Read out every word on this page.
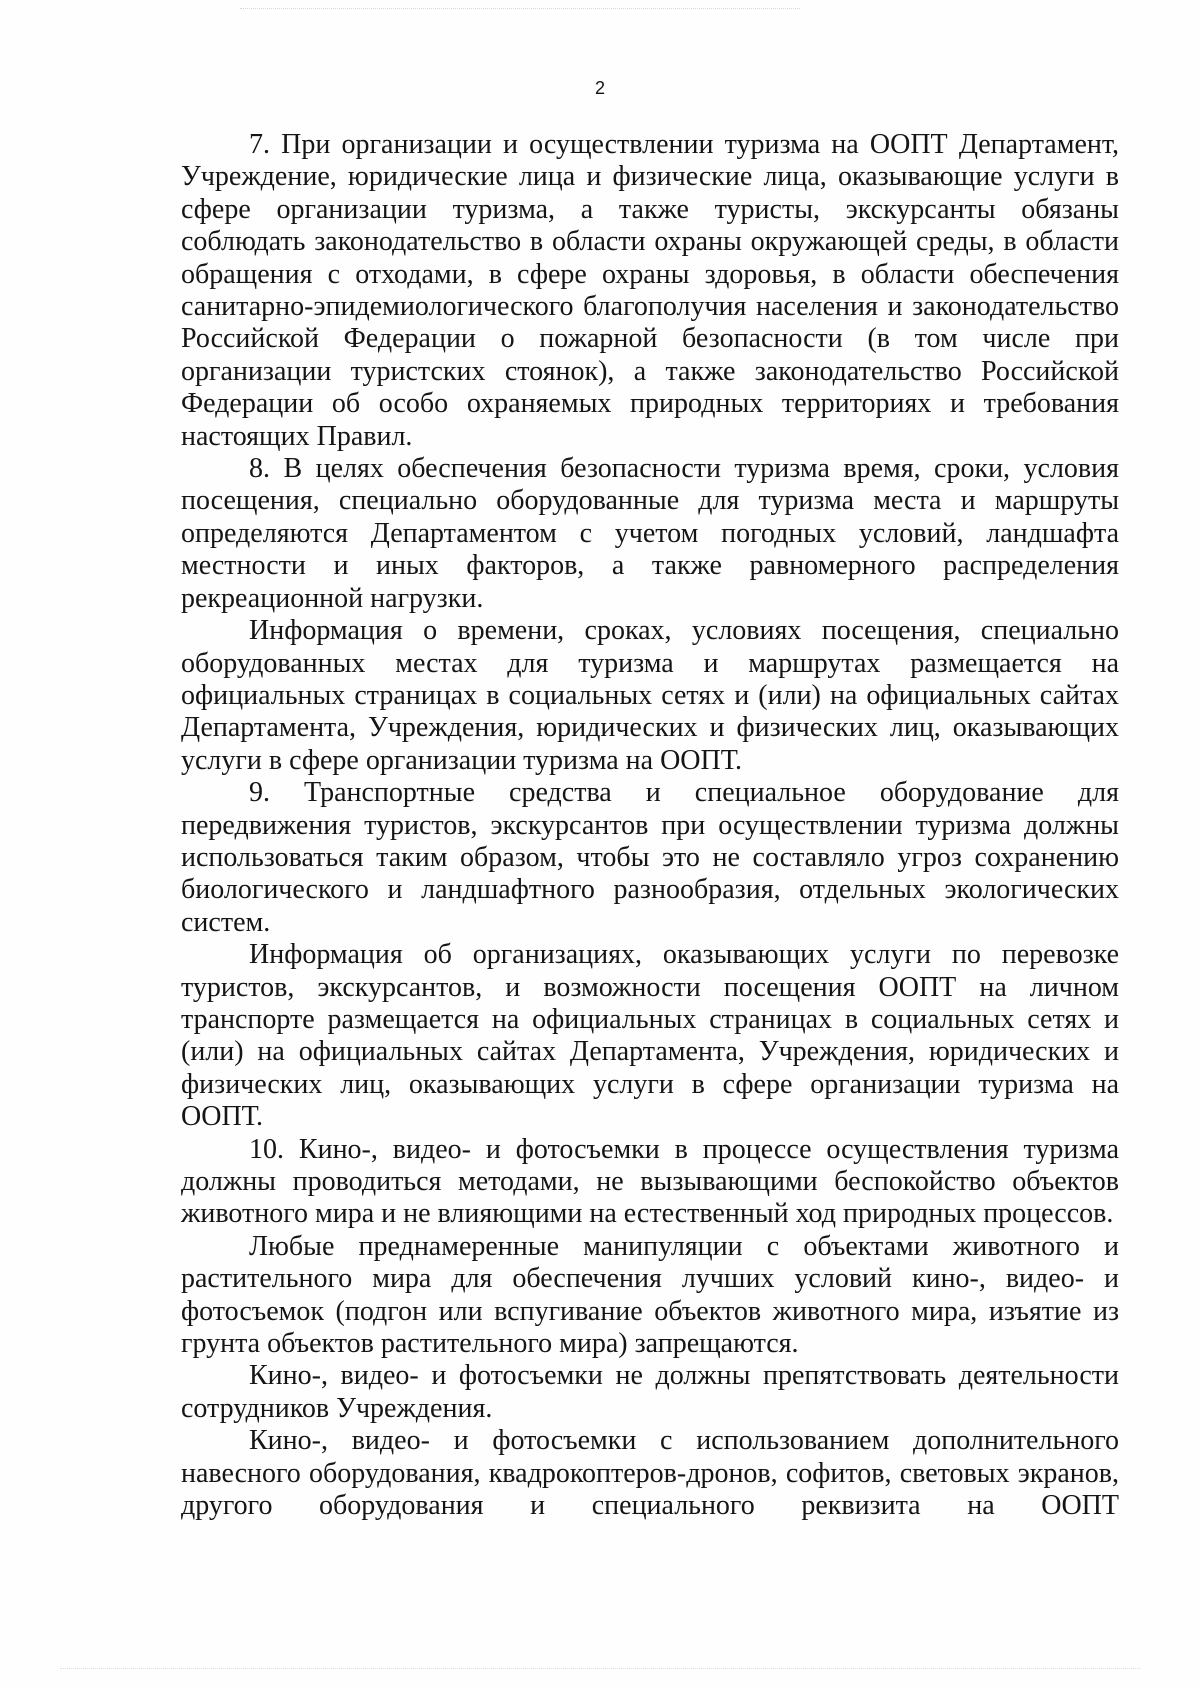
2

7. При организации и осуществлении туризма на ООПТ Департамент, Учреждение, юридические лица и физические лица, оказывающие услуги в сфере организации туризма, а также туристы, экскурсанты обязаны соблюдать законодательство в области охраны окружающей среды, в области обращения с отходами, в сфере охраны здоровья, в области обеспечения санитарно-эпидемиологического благополучия населения и законодательство Российской Федерации о пожарной безопасности (в том числе при организации туристских стоянок), а также законодательство Российской Федерации об особо охраняемых природных территориях и требования настоящих Правил.

8. В целях обеспечения безопасности туризма время, сроки, условия посещения, специально оборудованные для туризма места и маршруты определяются Департаментом с учетом погодных условий, ландшафта местности и иных факторов, а также равномерного распределения рекреационной нагрузки.

Информация о времени, сроках, условиях посещения, специально оборудованных местах для туризма и маршрутах размещается на официальных страницах в социальных сетях и (или) на официальных сайтах Департамента, Учреждения, юридических и физических лиц, оказывающих услуги в сфере организации туризма на ООПТ.

9. Транспортные средства и специальное оборудование для передвижения туристов, экскурсантов при осуществлении туризма должны использоваться таким образом, чтобы это не составляло угроз сохранению биологического и ландшафтного разнообразия, отдельных экологических систем.

Информация об организациях, оказывающих услуги по перевозке туристов, экскурсантов, и возможности посещения ООПТ на личном транспорте размещается на официальных страницах в социальных сетях и (или) на официальных сайтах Департамента, Учреждения, юридических и физических лиц, оказывающих услуги в сфере организации туризма на ООПТ.

10. Кино-, видео- и фотосъемки в процессе осуществления туризма должны проводиться методами, не вызывающими беспокойство объектов животного мира и не влияющими на естественный ход природных процессов.

Любые преднамеренные манипуляции с объектами животного и растительного мира для обеспечения лучших условий кино-, видео- и фотосъемок (подгон или вспугивание объектов животного мира, изъятие из грунта объектов растительного мира) запрещаются.

Кино-, видео- и фотосъемки не должны препятствовать деятельности сотрудников Учреждения.

Кино-, видео- и фотосъемки с использованием дополнительного навесного оборудования, квадрокоптеров-дронов, софитов, световых экранов, другого оборудования и специального реквизита на ООПТ
